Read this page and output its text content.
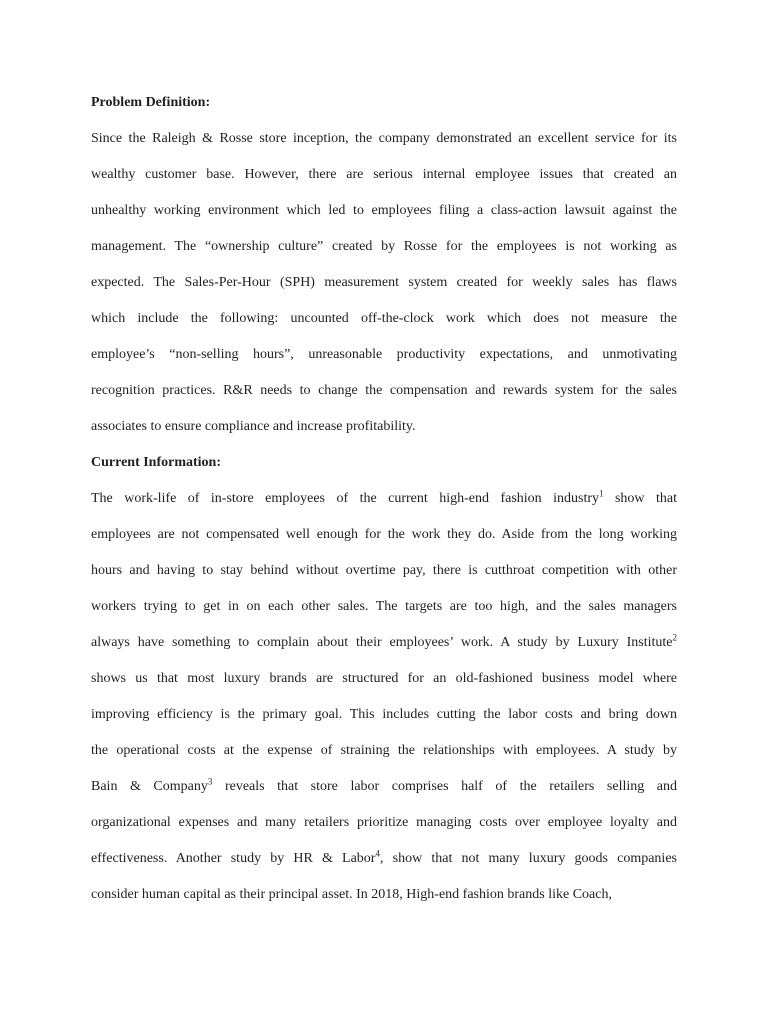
Problem Definition:
Since the Raleigh & Rosse store inception, the company demonstrated an excellent service for its
wealthy customer base. However, there are serious internal employee issues that created an
unhealthy working environment which led to employees filing a class-action lawsuit against the
management. The “ownership culture” created by Rosse for the employees is not working as
expected. The Sales-Per-Hour (SPH) measurement system created for weekly sales has flaws
which include the following: uncounted off-the-clock work which does not measure the
employee’s “non-selling hours”, unreasonable productivity expectations, and unmotivating
recognition practices. R&R needs to change the compensation and rewards system for the sales
associates to ensure compliance and increase profitability.
Current Information:
The work-life of in-store employees of the current high-end fashion industry$^1$ show that
employees are not compensated well enough for the work they do. Aside from the long working
hours and having to stay behind without overtime pay, there is cutthroat competition with other
workers trying to get in on each other sales. The targets are too high, and the sales managers
always have something to complain about their employees’ work. A study by Luxury Institute$^2$
shows us that most luxury brands are structured for an old-fashioned business model where
improving efficiency is the primary goal. This includes cutting the labor costs and bring down
the operational costs at the expense of straining the relationships with employees. A study by
Bain & Company$^3$ reveals that store labor comprises half of the retailers selling and
organizational expenses and many retailers prioritize managing costs over employee loyalty and
effectiveness. Another study by HR & Labor$^4$, show that not many luxury goods companies
consider human capital as their principal asset. In 2018, High-end fashion brands like Coach,
